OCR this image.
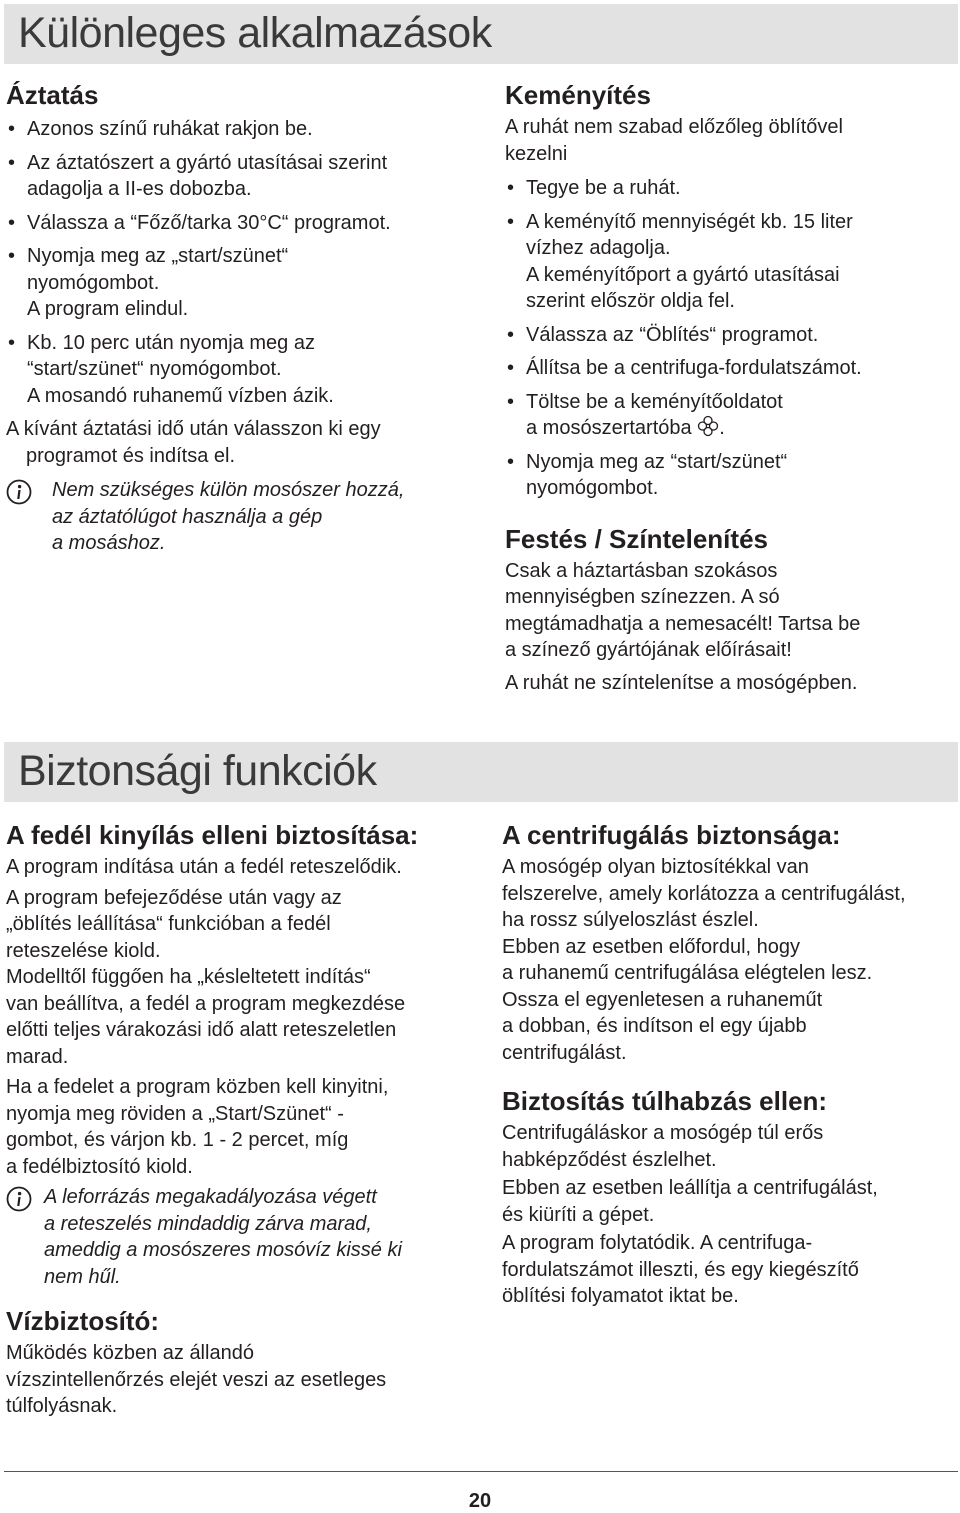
Különleges alkalmazások
Áztatás
• Azonos színű ruhákat rakjon be.
• Az áztatószert a gyártó utasításai szerint
adagolja a II-es dobozba.
• Válassza a “Főző/tarka 30°C“ programot.
• Nyomja meg az „start/szünet“
nyomógombot.
A program elindul.
• Kb. 10 perc után nyomja meg az
“start/szünet“ nyomógombot.
A mosandó ruhanemű vízben ázik.
A kívánt áztatási idő után válasszon ki egy
programot és indítsa el.
Nem szükséges külön mosószer hozzá,
az áztatólúgot használja a gép
a mosáshoz.
Keményítés
A ruhát nem szabad előzőleg öblítővel
kezelni
• Tegye be a ruhát.
• A keményítő mennyiségét kb. 15 liter
vízhez adagolja.
A keményítőport a gyártó utasításai
szerint először oldja fel.
• Válassza az “Öblítés“ programot.
• Állítsa be a centrifuga-fordulatszámot.
• Töltse be a keményítőoldatot
a mosószertartóba .
• Nyomja meg az “start/szünet“
nyomógombot.
Festés / Színtelenítés
Csak a háztartásban szokásos
mennyiségben színezzen. A só
megtámadhatja a nemesacélt! Tartsa be
a színező gyártójának előírásait!
A ruhát ne színtelenítse a mosógépben.
Biztonsági funkciók
A fedél kinyílás elleni biztosítása:
A program indítása után a fedél reteszelődik.
A program befejeződése után vagy az
„öblítés leállítása“ funkcióban a fedél
reteszelése kiold.
Modelltől függően ha „késleltetett indítás“
van beállítva, a fedél a program megkezdése
előtti teljes várakozási idő alatt reteszeletlen
marad.
Ha a fedelet a program közben kell kinyitni,
nyomja meg röviden a „Start/Szünet“ -
gombot, és várjon kb. 1 - 2 percet, míg
a fedélbiztosító kiold.
A leforrázás megakadályozása végett
a reteszelés mindaddig zárva marad,
ameddig a mosószeres mosóvíz kissé ki
nem hűl.
Vízbiztosító:
Működés közben az állandó
vízszintellenőrzés elejét veszi az esetleges
túlfolyásnak.
A centrifugálás biztonsága:
A mosógép olyan biztosítékkal van
felszerelve, amely korlátozza a centrifugálást,
ha rossz súlyeloszlást észlel.
Ebben az esetben előfordul, hogy
a ruhanemű centrifugálása elégtelen lesz.
Ossza el egyenletesen a ruhaneműt
a dobban, és indítson el egy újabb
centrifugálást.
Biztosítás túlhabzás ellen:
Centrifugáláskor a mosógép túl erős
habképződést észlelhet.
Ebben az esetben leállítja a centrifugálást,
és kiüríti a gépet.
A program folytatódik. A centrifuga-
fordulatszámot illeszti, és egy kiegészítő
öblítési folyamatot iktat be.
20
